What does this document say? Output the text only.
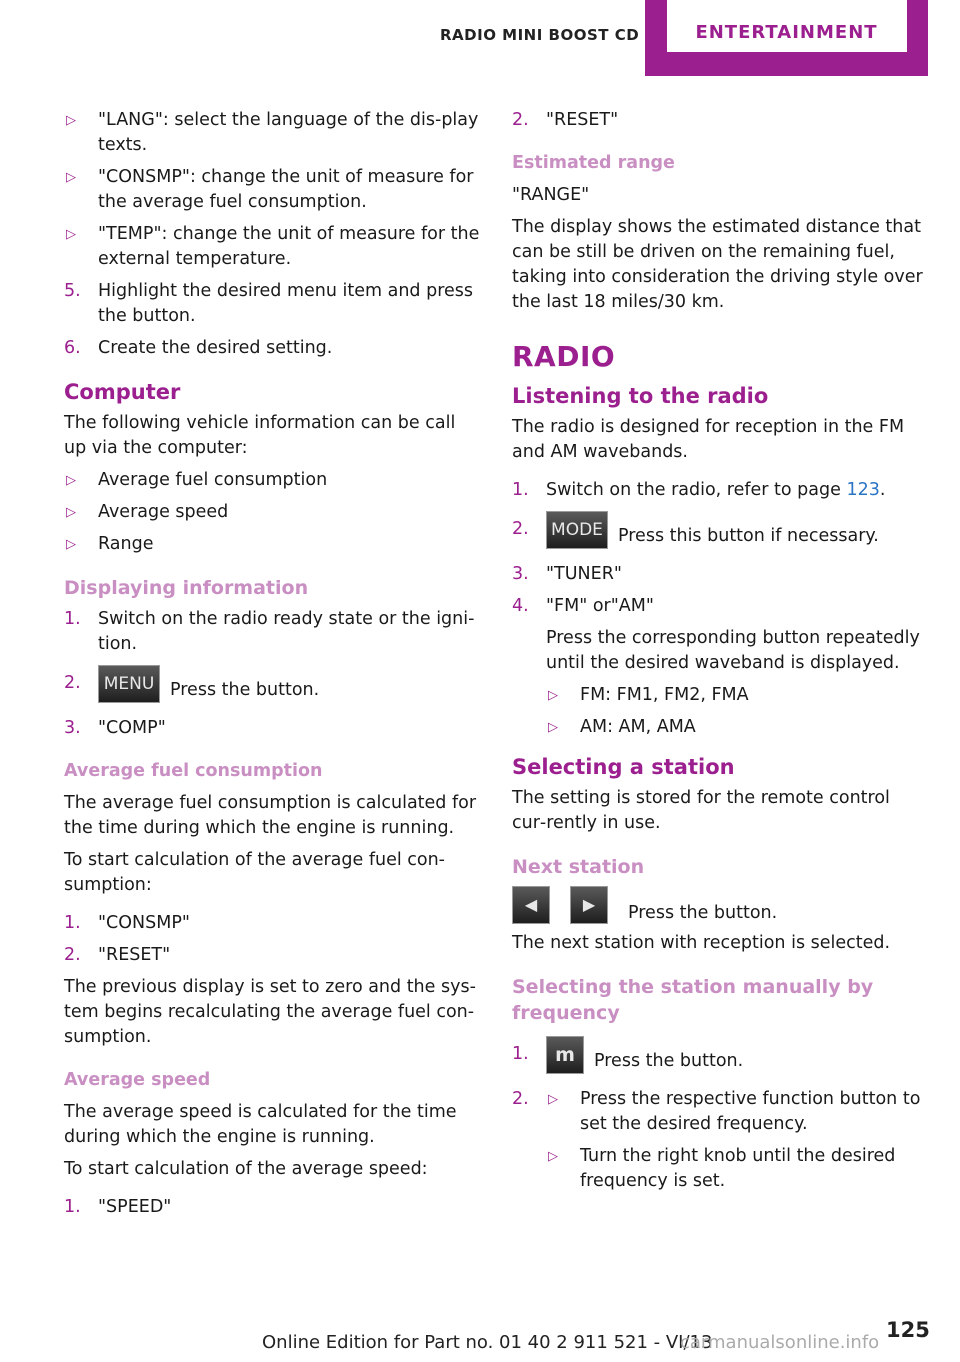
RADIO MINI BOOST CD	ENTERTAINMENT
▷ "LANG": select the language of the dis‐play texts.
▷ "CONSMP": change the unit of measure for the average fuel consumption.
▷ "TEMP": change the unit of measure for the external temperature.
5. Highlight the desired menu item and press the button.
6. Create the desired setting.
Computer

The following vehicle information can be call up via the computer:

▷ Average fuel consumption
▷ Average speed
▷ Range
Displaying information
1. Switch on the radio ready state or the igni‐tion.
2. MENU Press the button.
3. "COMP"

Average fuel consumption

The average fuel consumption is calculated for the time during which the engine is running.

To start calculation of the average fuel con‐sumption:

1. "CONSMP"
2. "RESET"

The previous display is set to zero and the sys‐tem begins recalculating the average fuel con‐sumption.

Average speed

The average speed is calculated for the time during which the engine is running.

To start calculation of the average speed:

1. "SPEED"
2. "RESET"

Estimated range

"RANGE"

The display shows the estimated distance that can be still be driven on the remaining fuel, taking into consideration the driving style over the last 18 miles/30 km.

RADIO
Listening to the radio

The radio is designed for reception in the FM and AM wavebands.

1. Switch on the radio, refer to page 123.
2. MODE Press this button if necessary.
3. "TUNER"
4. "FM" or"AM"
Press the corresponding button repeatedly until the desired waveband is displayed.
▷ FM: FM1, FM2, FMA
▷ AM: AM, AMA
Selecting a station

The setting is stored for the remote control cur‐rently in use.

Next station
◀	▶	Press the button.

The next station with reception is selected.

Selecting the station manually by frequency
1. m Press the button.
2. ▷ Press the respective function button to set the desired frequency.
▷ Turn the right knob until the desired frequency is set.
Online Edition for Part no. 01 40 2 911 521 - VI/13
carmanualsonline.info
125
